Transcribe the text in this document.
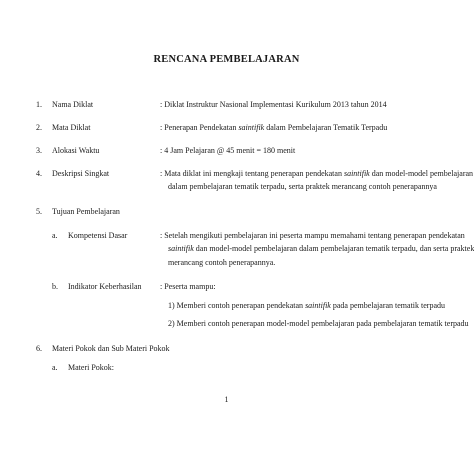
RENCANA PEMBELAJARAN
1. Nama Diklat	: Diklat Instruktur Nasional Implementasi Kurikulum 2013 tahun 2014
2. Mata Diklat	: Penerapan Pendekatan saintifik dalam Pembelajaran Tematik Terpadu
3. Alokasi Waktu	: 4 Jam Pelajaran @ 45 menit = 180 menit
4. Deskripsi Singkat	: Mata diklat ini mengkaji tentang penerapan pendekatan saintifik dan model-model pembelajaran
dalam pembelajaran tematik terpadu, serta praktek merancang contoh penerapannya
5. Tujuan Pembelajaran
a. Kompetensi Dasar	: Setelah mengikuti pembelajaran ini peserta mampu memahami tentang penerapan pendekatan
saintifik dan model-model pembelajaran dalam pembelajaran tematik terpadu, dan serta praktek
merancang contoh penerapannya.
b. Indikator Keberhasilan : Peserta mampu:
1) Memberi contoh penerapan pendekatan saintifik pada pembelajaran tematik terpadu
2) Memberi contoh penerapan model-model pembelajaran pada pembelajaran tematik terpadu
6. Materi Pokok dan Sub Materi Pokok
a. Materi Pokok:
1
